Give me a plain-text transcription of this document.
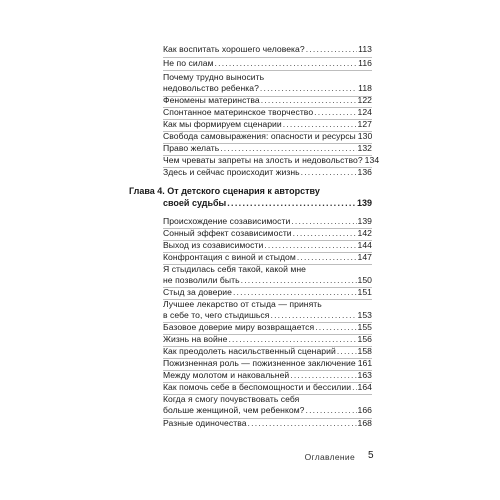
Как воспитать хорошего человека? . . .	113
Не по силам . . .	116
Почему трудно выносить
недовольство ребенка? . . .	118
Феномены материнства . . .	122
Спонтанное материнское творчество . . .	124
Как мы формируем сценарии . . .	127
Свобода самовыражения: опасности и ресурсы 130
Право желать . . .	132
Чем чреваты запреты на злость и недовольство? 134
Здесь и сейчас происходит жизнь . . .	136
Глава 4. От детского сценария к авторству
своей судьбы . . .	139
Происхождение созависимости . . .	139
Сонный эффект созависимости . . .	142
Выход из созависимости . . .	144
Конфронтация с виной и стыдом . . .	147
Я стыдилась себя такой, какой мне
не позволили быть . . .	150
Стыд за доверие . . .	151
Лучшее лекарство от стыда — принять
в себе то, чего стыдишься . . .	153
Базовое доверие миру возвращается . . .	155
Жизнь на войне . . .	156
Как преодолеть насильственный сценарий . . .	158
Пожизненная роль — пожизненное заключение 161
Между молотом и наковальней . . .	163
Как помочь себе в беспомощности и бессилии . . . 164
Когда я смогу почувствовать себя
больше женщиной, чем ребенком? . . .	166
Разные одиночества . . .	168
Оглавление 5
